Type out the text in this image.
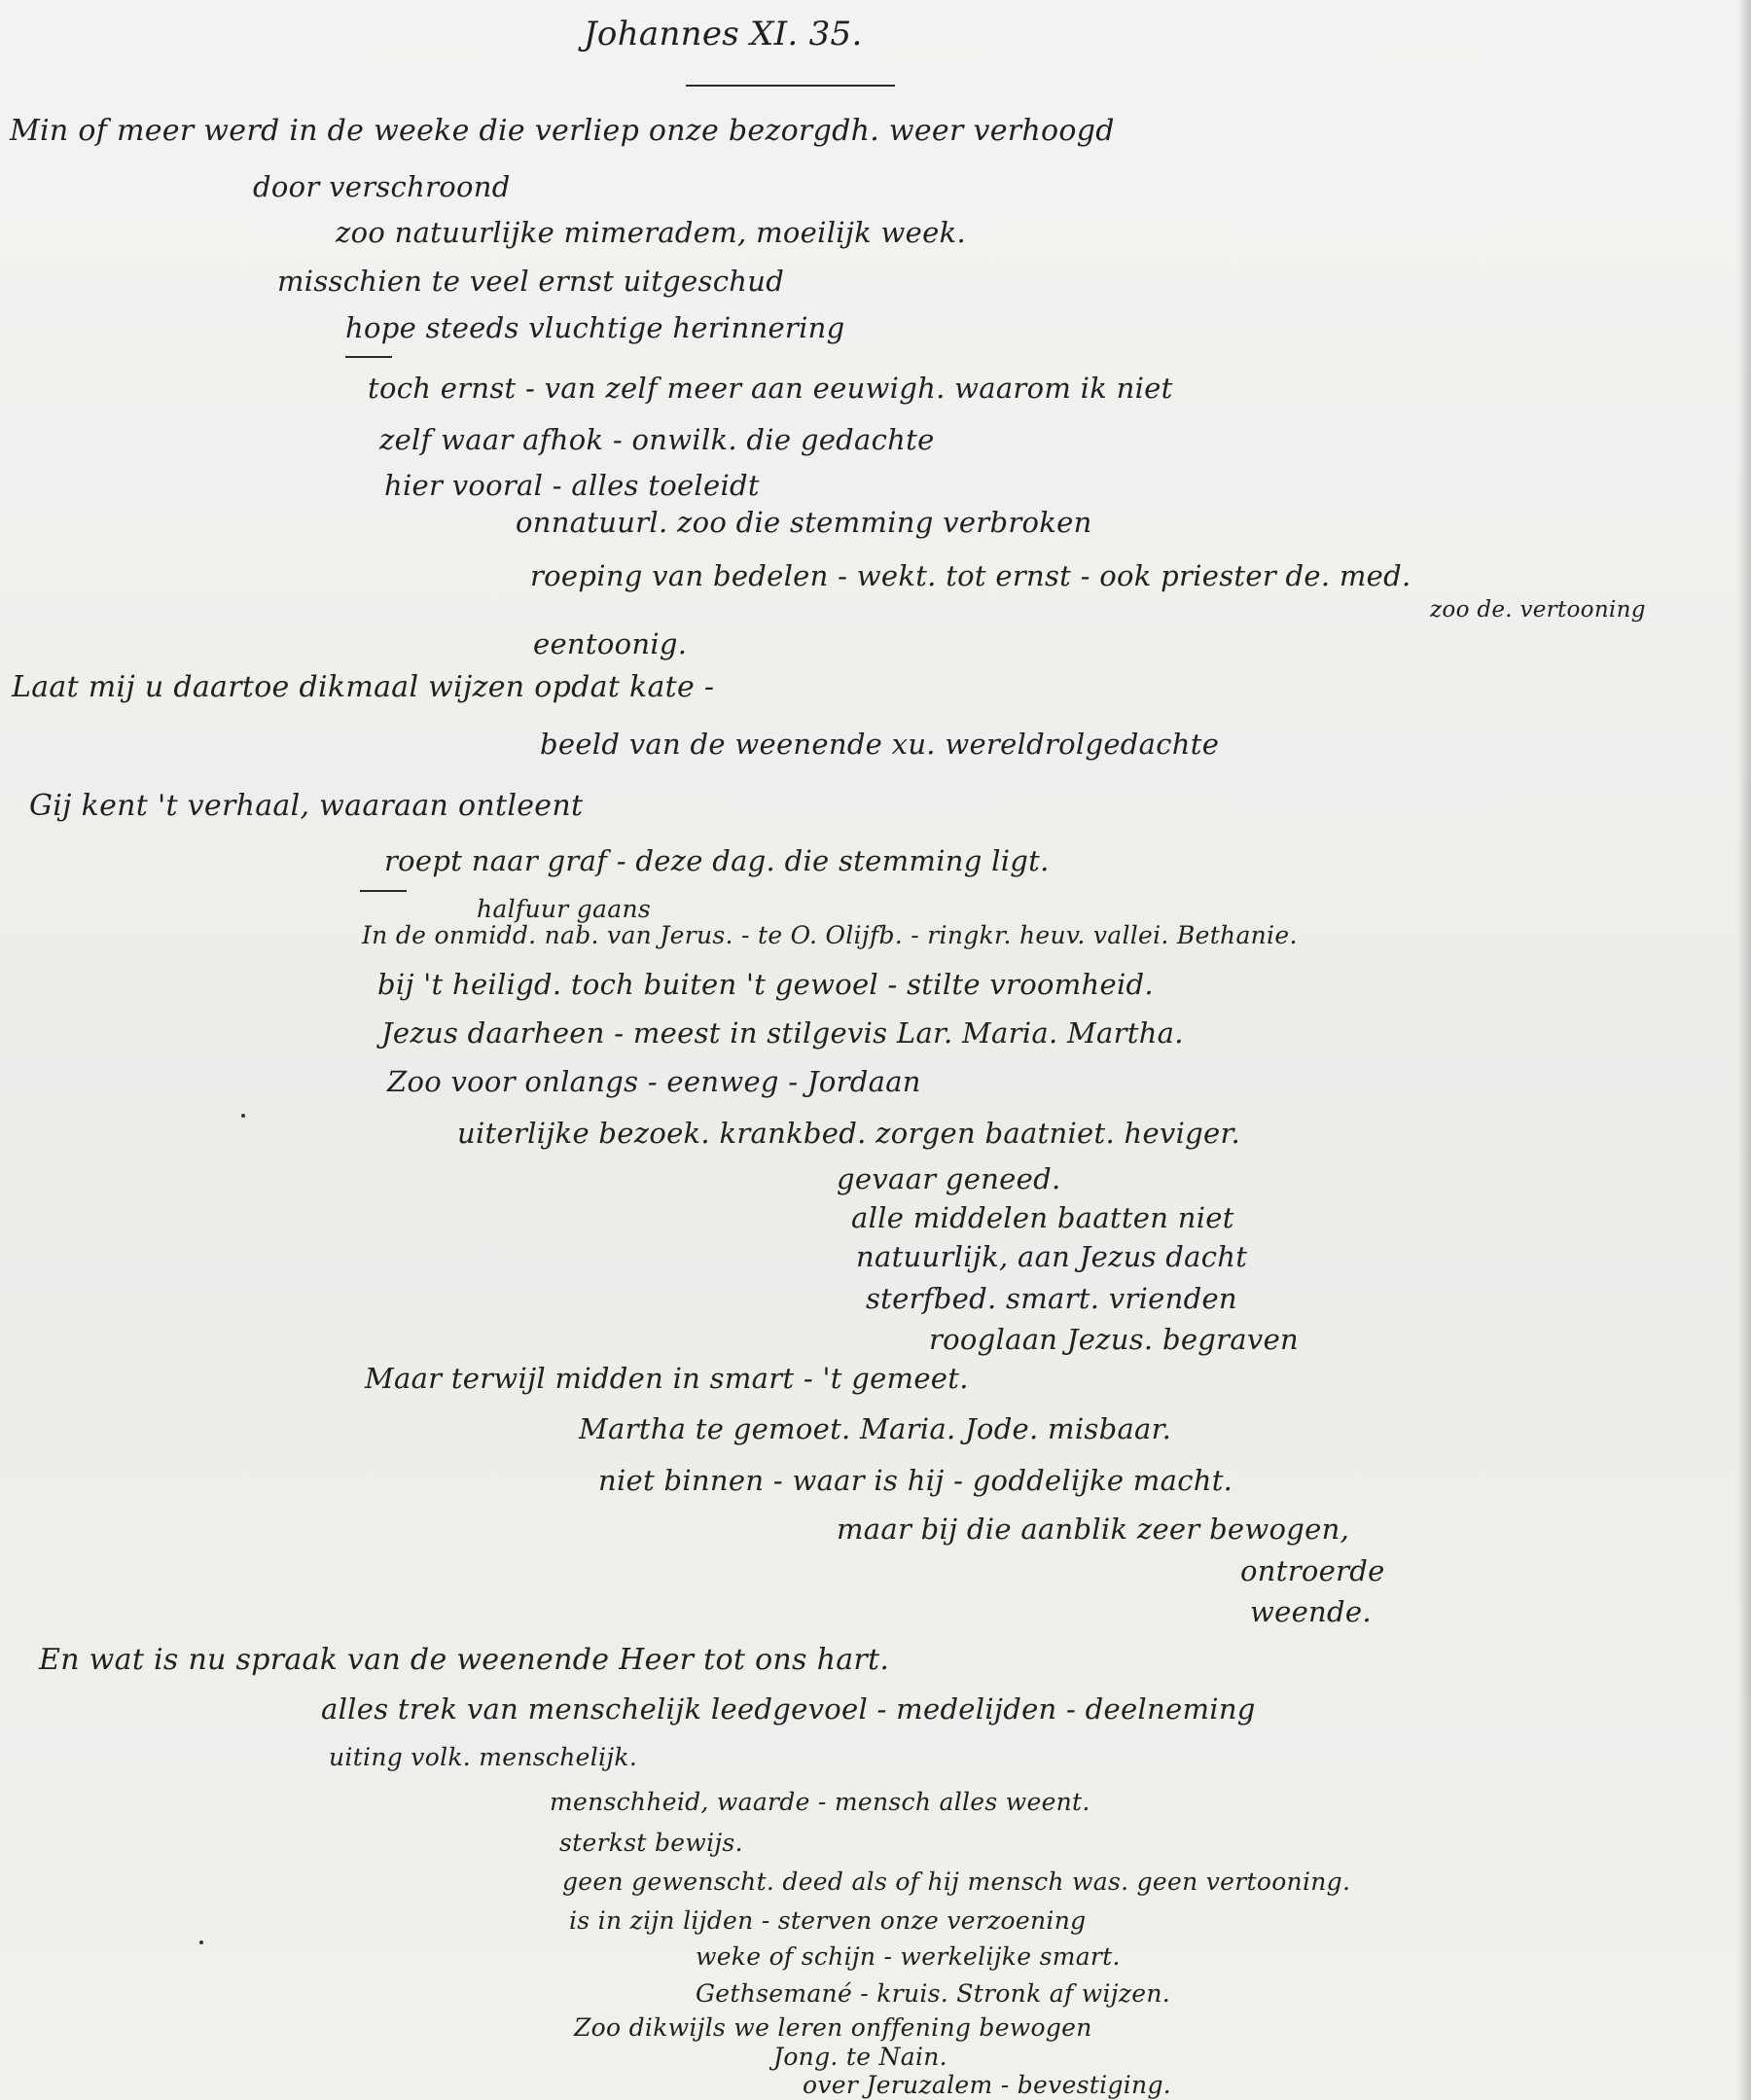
Johannes XI. 35.
Min of meer werd in de weeke die verliep onze bezorgdh. weer verhoogd
door verschroond
zoo natuurlijke mimeradem, moeilijk week.
misschien te veel ernst uitgeschud
hope steeds vluchtige herinnering
toch ernst - van zelf meer aan eeuwigh. waarom ik niet
zelf waar afhok - onwilk. die gedachte
hier vooral - alles toeleidt
onnatuurl. zoo die stemming verbroken
roeping van bedelen - wekt. tot ernst - ook priester de. med.
zoo de. vertooning
eentoonig.
Laat mij u daartoe dikmaal wijzen opdat kate -
beeld van de weenende xu. wereldrolgedachte
Gij kent 't verhaal, waaraan ontleent
roept naar graf - deze dag. die stemming ligt.
halfuur gaans
In de onmidd. nab. van Jerus. - te O. Olijfb. - ringkr. heuv. vallei. Bethanie.
bij 't heiligd. toch buiten 't gewoel - stilte vroomheid.
Jezus daarheen - meest in stilgevis Lar. Maria. Martha.
Zoo voor onlangs - eenweg - Jordaan
uiterlijke bezoek. krankbed. zorgen baatniet. heviger.
gevaar geneed.
alle middelen baatten niet
natuurlijk, aan Jezus dacht
sterfbed. smart. vrienden
rooglaan Jezus. begraven
Maar terwijl midden in smart - 't gemeet.
Martha te gemoet. Maria. Jode. misbaar.
niet binnen - waar is hij - goddelijke macht.
maar bij die aanblik zeer bewogen,
ontroerde
weende.
En wat is nu spraak van de weenende Heer tot ons hart.
alles trek van menschelijk leedgevoel - medelijden - deelneming
uiting volk. menschelijk.
menschheid, waarde - mensch alles weent.
sterkst bewijs.
geen gewenscht. deed als of hij mensch was. geen vertooning.
is in zijn lijden - sterven onze verzoening
weke of schijn - werkelijke smart.
Gethsemané - kruis. Stronk af wijzen.
Zoo dikwijls we leren onffening bewogen
Jong. te Nain.
over Jeruzalem - bevestiging.
